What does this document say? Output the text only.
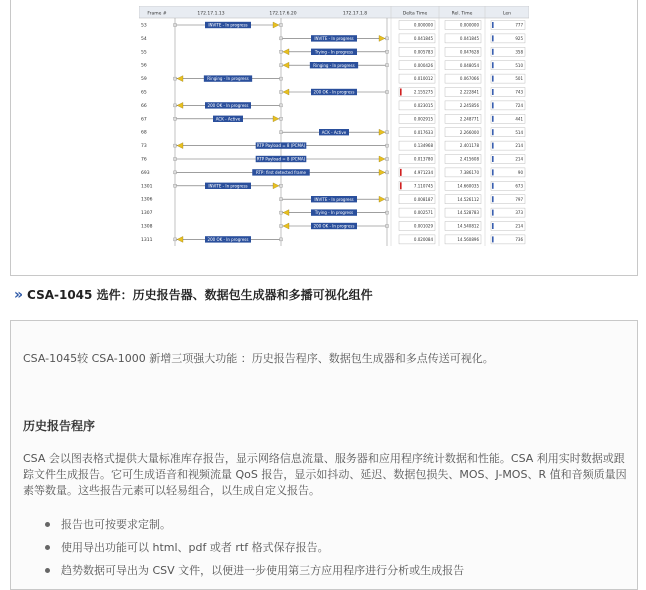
Frame #	172.17.1.13	172.17.6.20	172.17.1.8	Delta Time	Rel. Time	Len
53	INVITE - In progress	0.000000	0.000000	777
54	INVITE - In progress	0.041845	0.041845	925
55	Trying - In progress	0.005783	0.047628	358
56	Ringing - In progress	0.000426	0.048054	510
59	Ringing - In progress	0.010012	0.067066	501
65	200 OK - In progress	2.155275	2.222841	743
66	200 OK - In progress	0.023015	2.245856	724
67	ACK - Active	0.002915	2.248771	441
68	ACK - Active	0.017633	2.266000	514
73	RTP Payload = 8 (PCMA)	0.134968	2.401178	214
76	RTP Payload = 8 (PCMA)	0.013780	2.415608	214
693	RTP: first detected frame	4.971234	7.386170	90
1301	INVITE - In progress	7.110745	14.660035	673
1306	INVITE - In progress	0.008187	14.526112	797
1307	Trying - In progress	0.002571	14.528783	373
1308	200 OK - In progress	0.001029	14.540812	214
1311	200 OK - In progress	0.020084	14.560896	736
» CSA-1045 选件：历史报告器、数据包生成器和多播可视化组件
CSA-1045较 CSA-1000 新增三项强大功能 ：历史报告程序、数据包生成器和多点传送可视化。
历史报告程序
CSA 会以图表格式提供大量标准库存报告，显示网络信息流量、服务器和应用程序统计数据和性能。CSA 利用实时数据或跟踪文件生成报告。它可生成语音和视频流量 QoS 报告，显示如抖动、延迟、数据包损失、MOS、J-MOS、R 值和音频质量因素等数量。这些报告元素可以轻易组合，以生成自定义报告。
报告也可按要求定制。
使用导出功能可以 html、pdf 或者 rtf 格式保存报告。
趋势数据可导出为 CSV 文件，以便进一步使用第三方应用程序进行分析或生成报告
